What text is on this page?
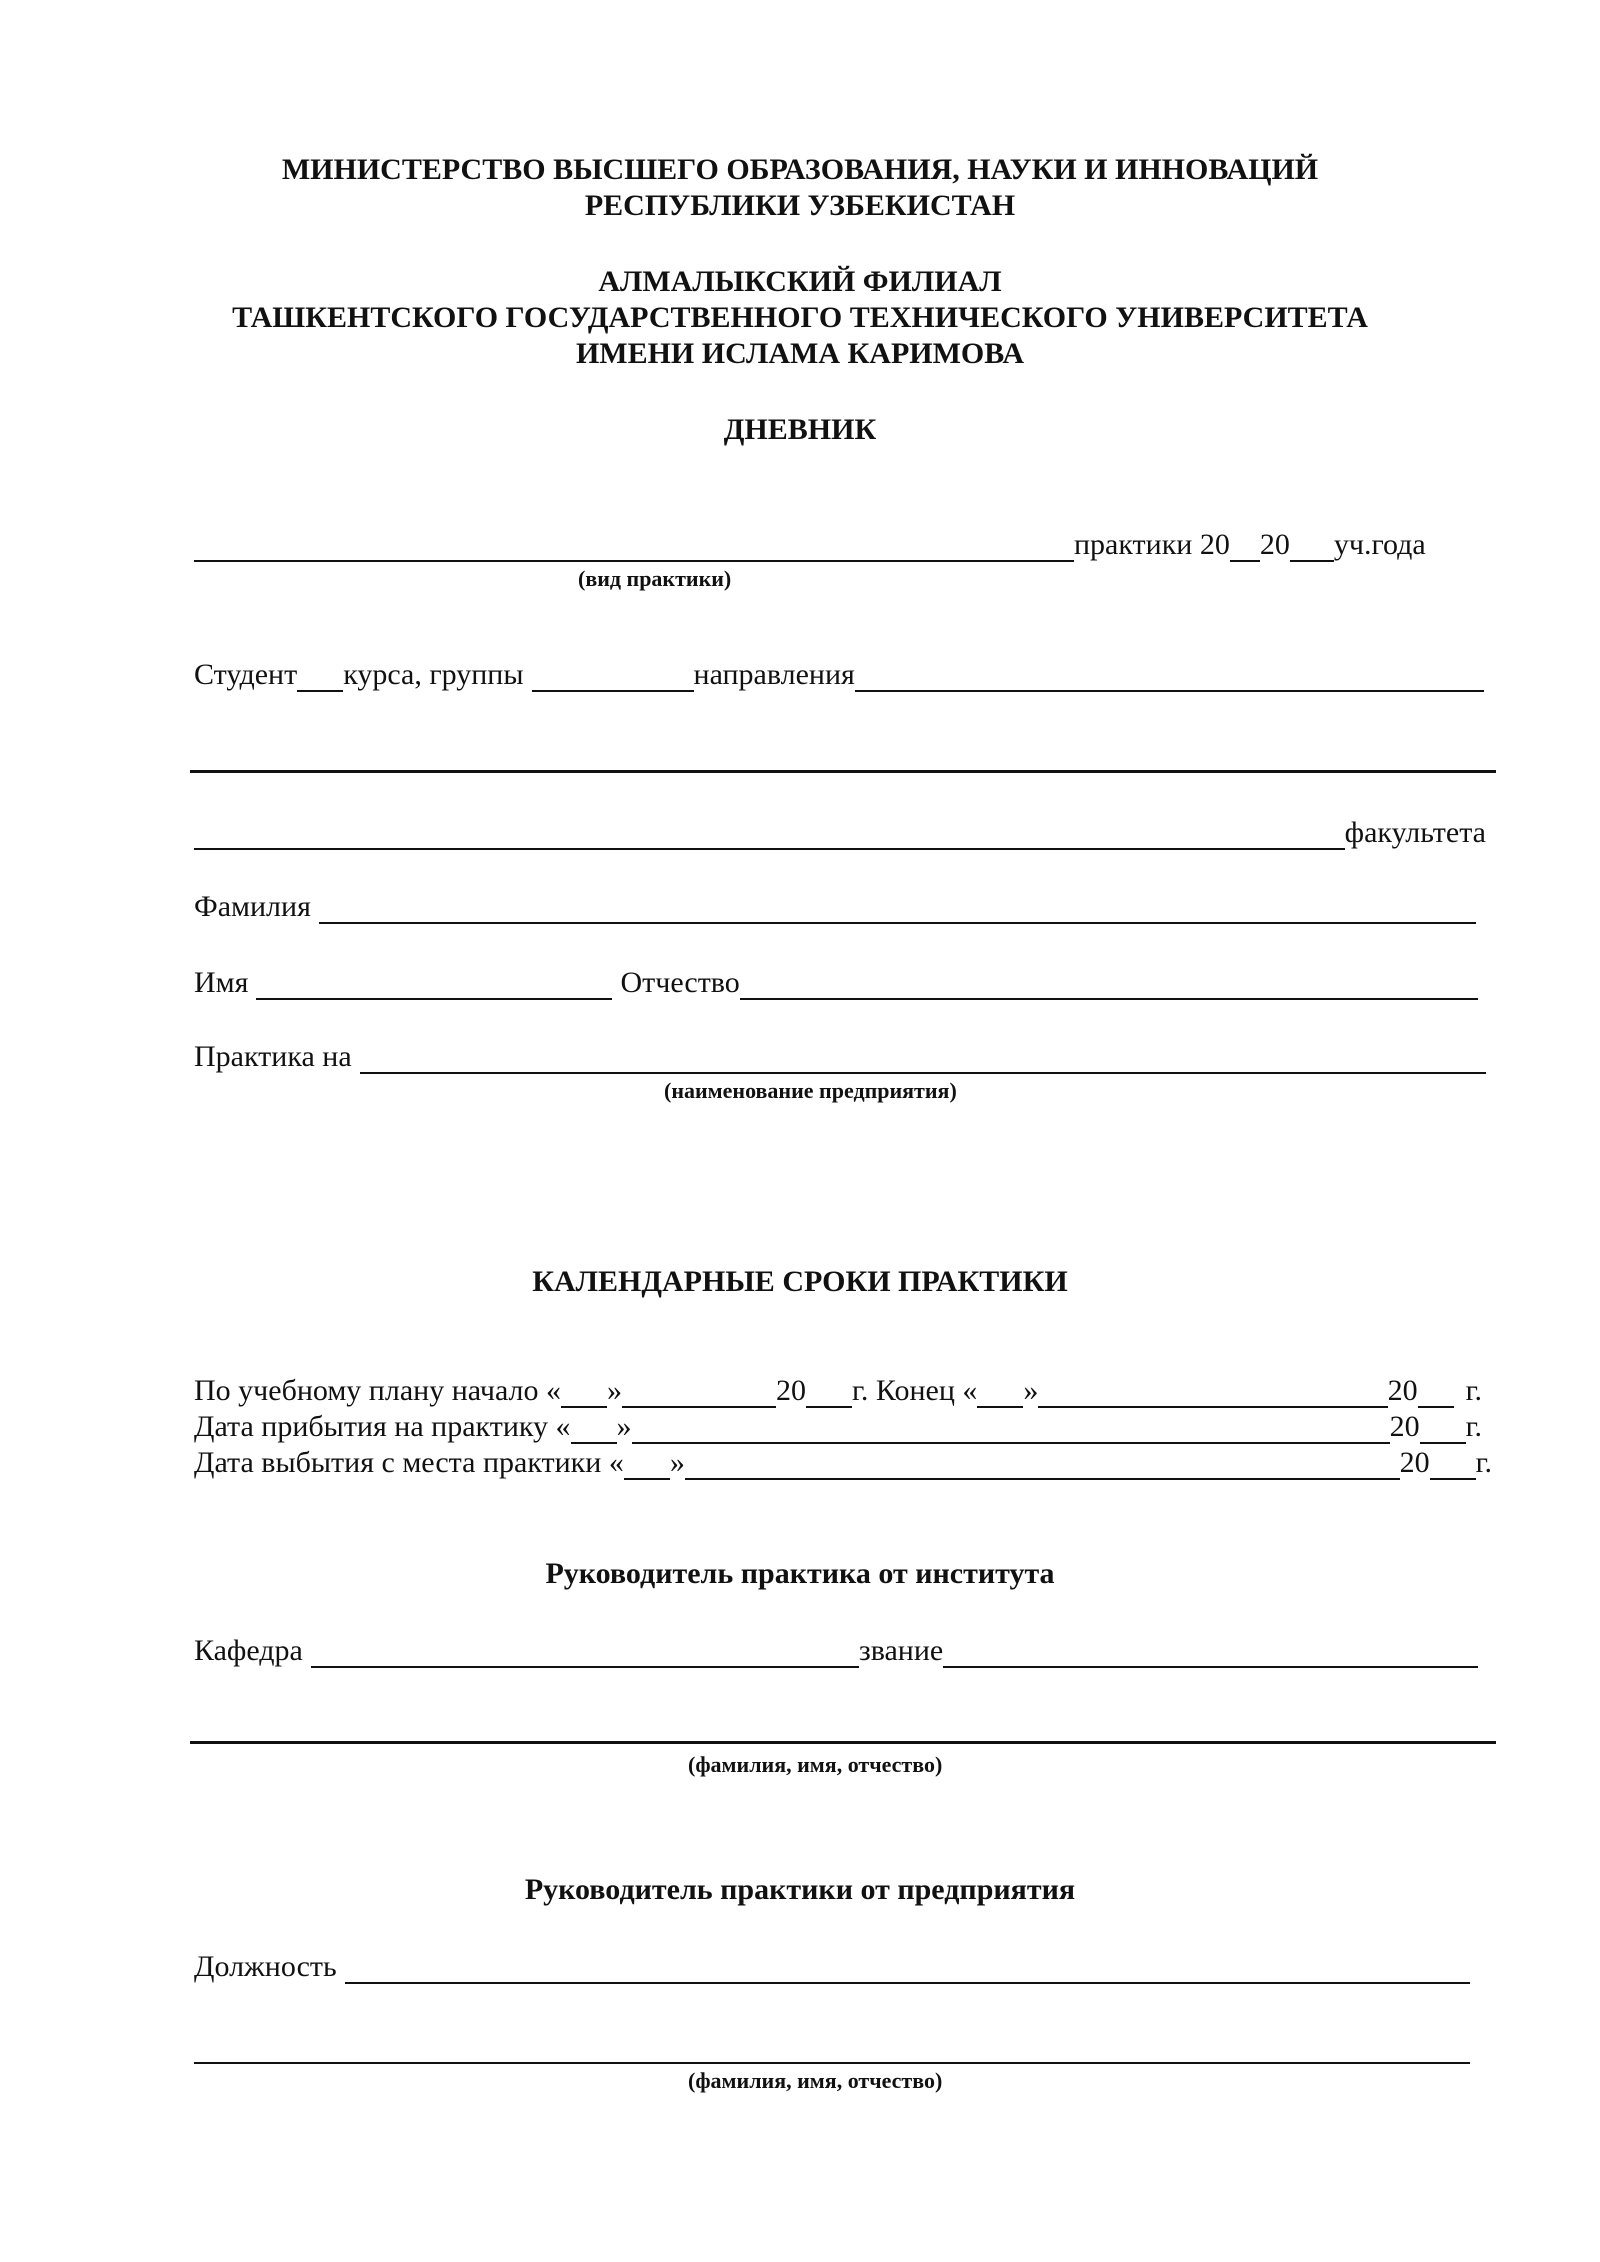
МИНИСТЕРСТВО ВЫСШЕГО ОБРАЗОВАНИЯ, НАУКИ И ИННОВАЦИЙ
РЕСПУБЛИКИ УЗБЕКИСТАН
АЛМАЛЫКСКИЙ ФИЛИАЛ
ТАШКЕНТСКОГО ГОСУДАРСТВЕННОГО ТЕХНИЧЕСКОГО УНИВЕРСИТЕТА
ИМЕНИ ИСЛАМА КАРИМОВА
ДНЕВНИК
практики 20 20 уч.года
(вид практики)
Студент курса, группы	направления
факультета
Фамилия
Имя	Отчество
Практика на
(наименование предприятия)
КАЛЕНДАРНЫЕ СРОКИ ПРАКТИКИ
По учебному плану начало « »	20 г. Конец « »	20 г.
Дата прибытия на практику « »	20 г.
Дата выбытия с места практики « »	20 г.
Руководитель практика от института
Кафедра	звание
(фамилия, имя, отчество)
Руководитель практики от предприятия
Должность
(фамилия, имя, отчество)
